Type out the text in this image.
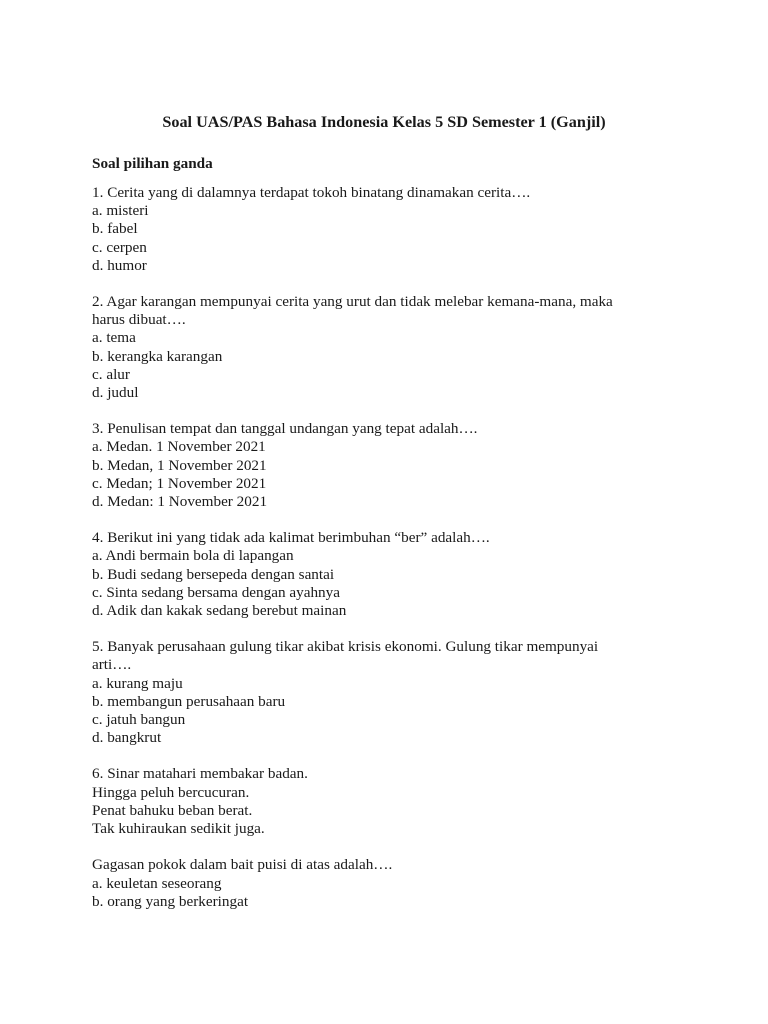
Soal UAS/PAS Bahasa Indonesia Kelas 5 SD Semester 1 (Ganjil)
Soal pilihan ganda
1. Cerita yang di dalamnya terdapat tokoh binatang dinamakan cerita….
a. misteri
b. fabel
c. cerpen
d. humor
2. Agar karangan mempunyai cerita yang urut dan tidak melebar kemana-mana, maka
harus dibuat….
a. tema
b. kerangka karangan
c. alur
d. judul
3. Penulisan tempat dan tanggal undangan yang tepat adalah….
a. Medan. 1 November 2021
b. Medan, 1 November 2021
c. Medan; 1 November 2021
d. Medan: 1 November 2021
4. Berikut ini yang tidak ada kalimat berimbuhan “ber” adalah….
a. Andi bermain bola di lapangan
b. Budi sedang bersepeda dengan santai
c. Sinta sedang bersama dengan ayahnya
d. Adik dan kakak sedang berebut mainan
5. Banyak perusahaan gulung tikar akibat krisis ekonomi. Gulung tikar mempunyai
arti….
a. kurang maju
b. membangun perusahaan baru
c. jatuh bangun
d. bangkrut
6. Sinar matahari membakar badan.
Hingga peluh bercucuran.
Penat bahuku beban berat.
Tak kuhiraukan sedikit juga.
Gagasan pokok dalam bait puisi di atas adalah….
a. keuletan seseorang
b. orang yang berkeringat
